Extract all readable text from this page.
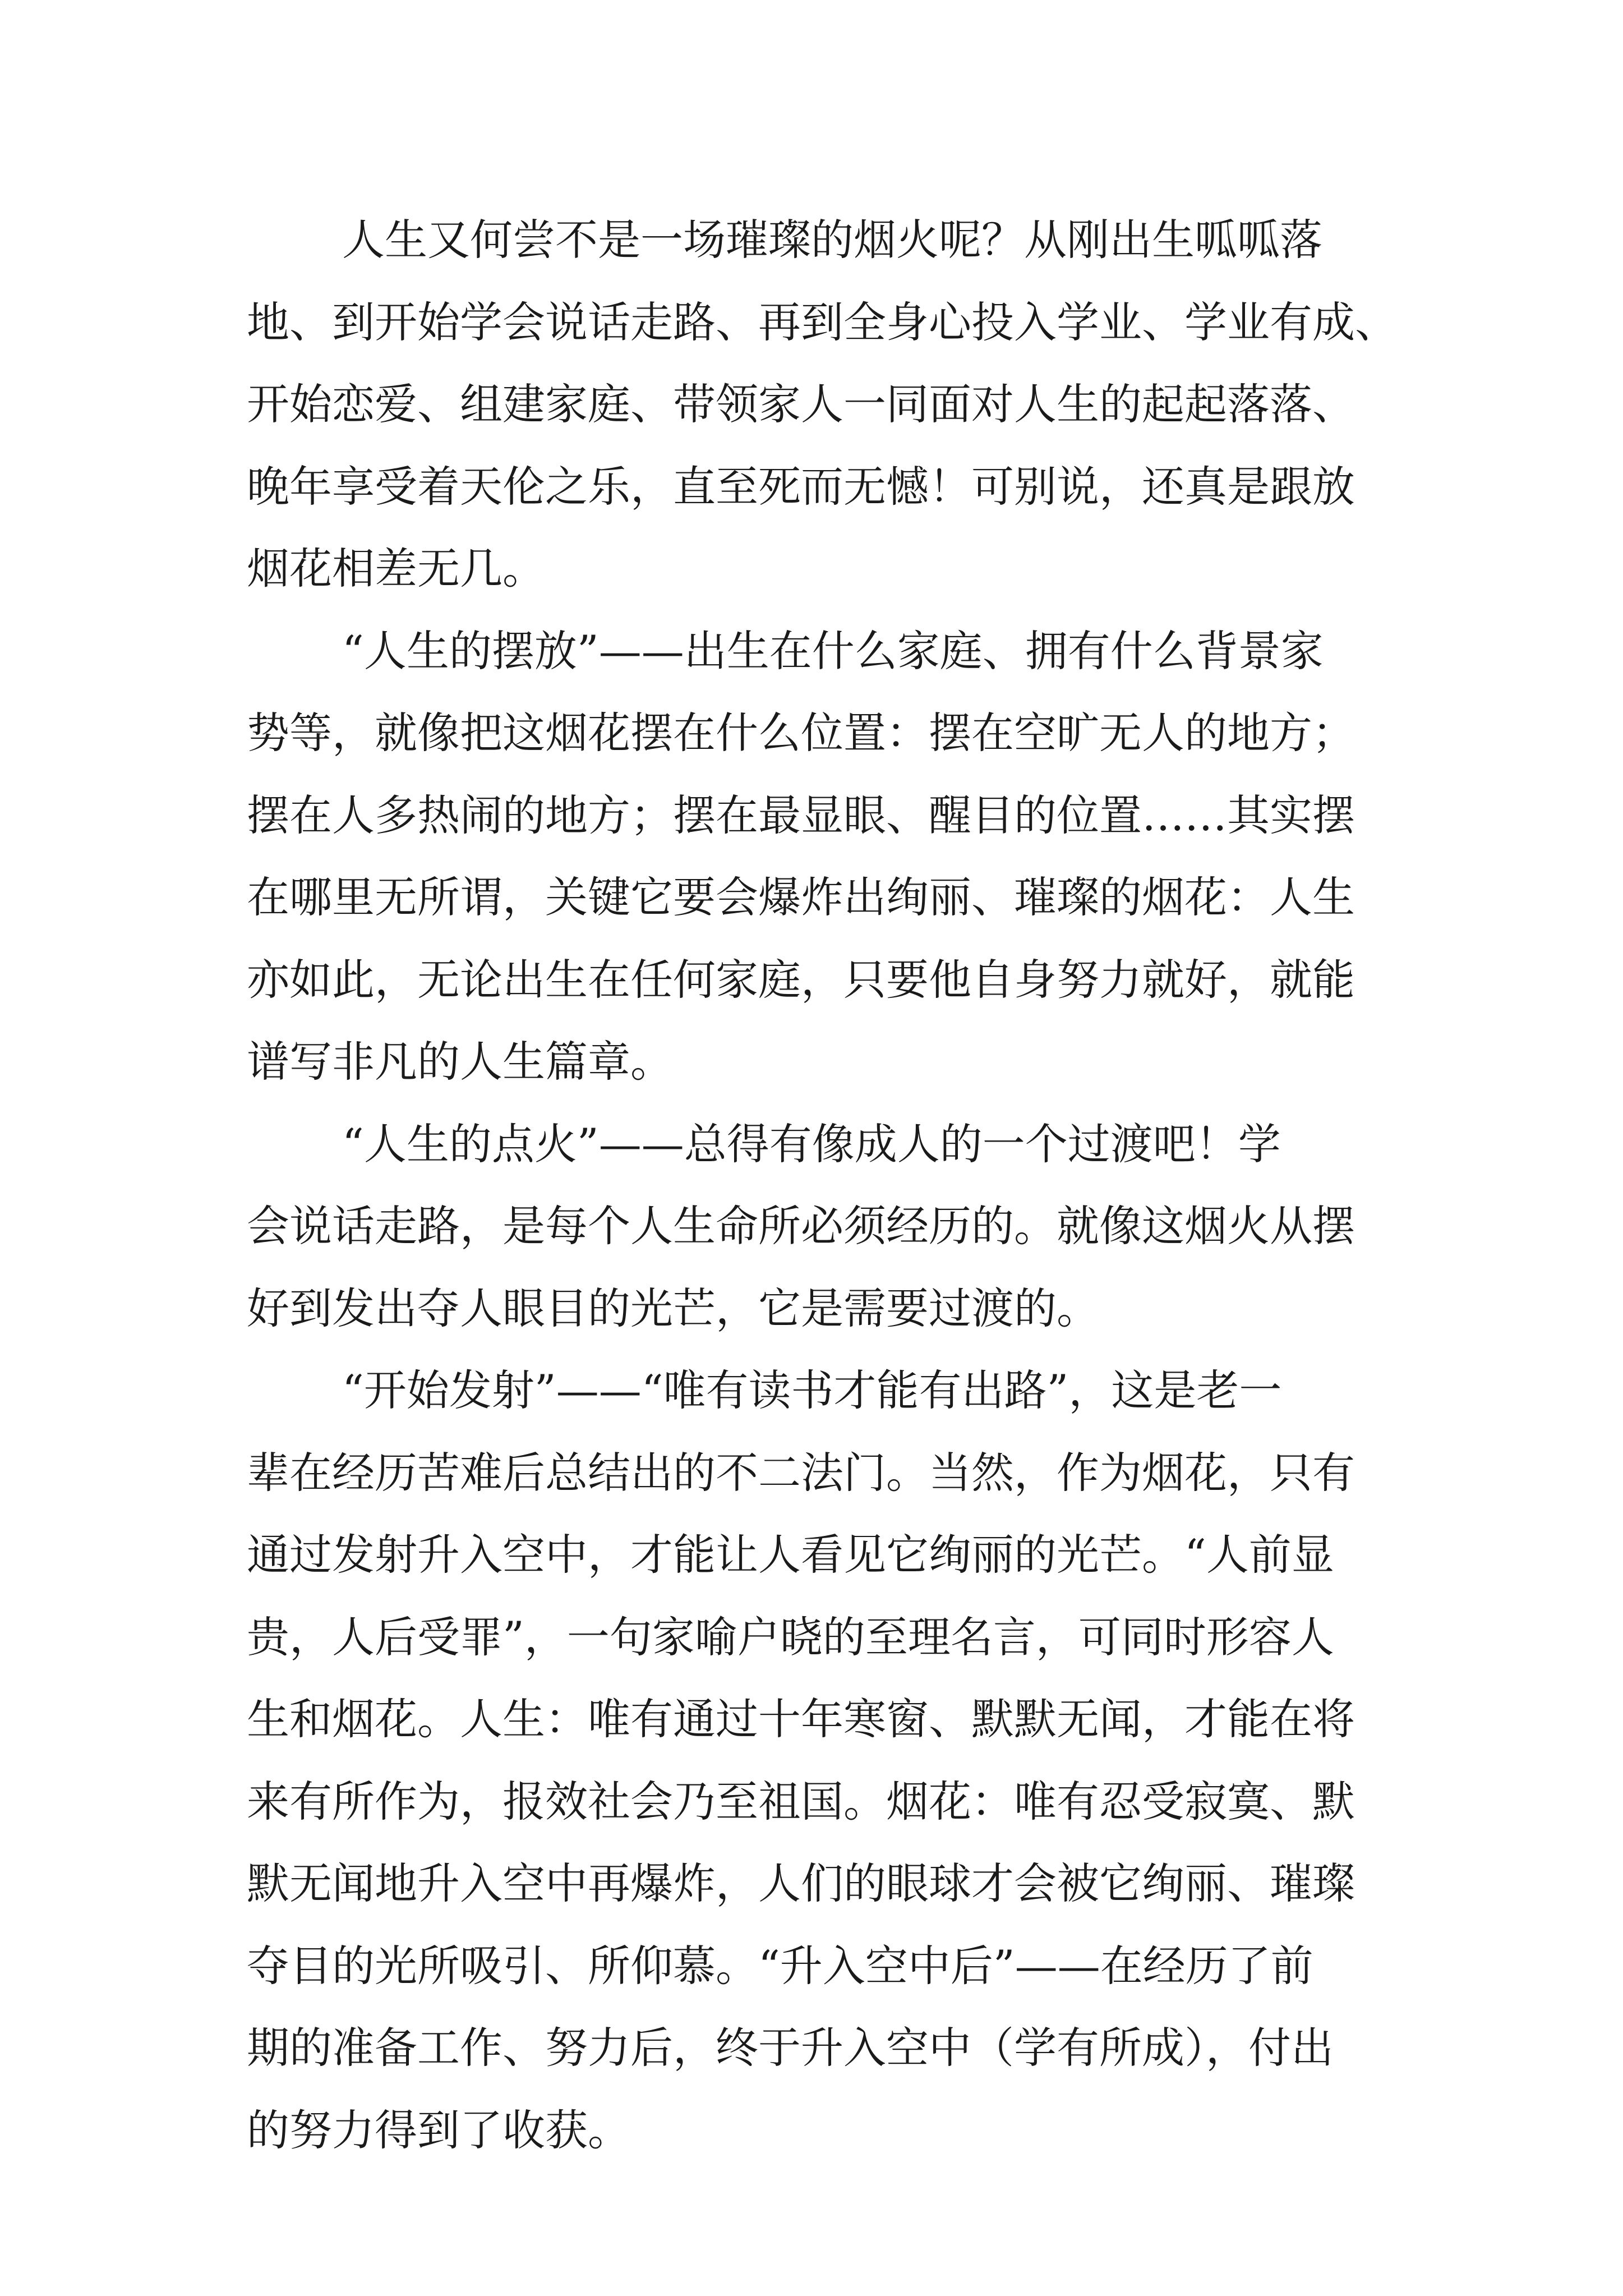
人生又何尝不是一场璀璨的烟火呢？从刚出生呱呱落
地、到开始学会说话走路、再到全身心投入学业、学业有成、
开始恋爱、组建家庭、带领家人一同面对人生的起起落落、
晚年享受着天伦之乐，直至死而无憾！可别说，还真是跟放
烟花相差无几。
“人生的摆放”——出生在什么家庭、拥有什么背景家
势等，就像把这烟花摆在什么位置：摆在空旷无人的地方；
摆在人多热闹的地方；摆在最显眼、醒目的位置……其实摆
在哪里无所谓，关键它要会爆炸出绚丽、璀璨的烟花：人生
亦如此，无论出生在任何家庭，只要他自身努力就好，就能
谱写非凡的人生篇章。
“人生的点火”——总得有像成人的一个过渡吧！学
会说话走路，是每个人生命所必须经历的。就像这烟火从摆
好到发出夺人眼目的光芒，它是需要过渡的。
“开始发射”——“唯有读书才能有出路”，这是老一
辈在经历苦难后总结出的不二法门。当然，作为烟花，只有
通过发射升入空中，才能让人看见它绚丽的光芒。“人前显
贵，人后受罪”，一句家喻户晓的至理名言，可同时形容人
生和烟花。人生：唯有通过十年寒窗、默默无闻，才能在将
来有所作为，报效社会乃至祖国。烟花：唯有忍受寂寞、默
默无闻地升入空中再爆炸，人们的眼球才会被它绚丽、璀璨
夺目的光所吸引、所仰慕。“升入空中后”——在经历了前
期的准备工作、努力后，终于升入空中（学有所成），付出
的努力得到了收获。
